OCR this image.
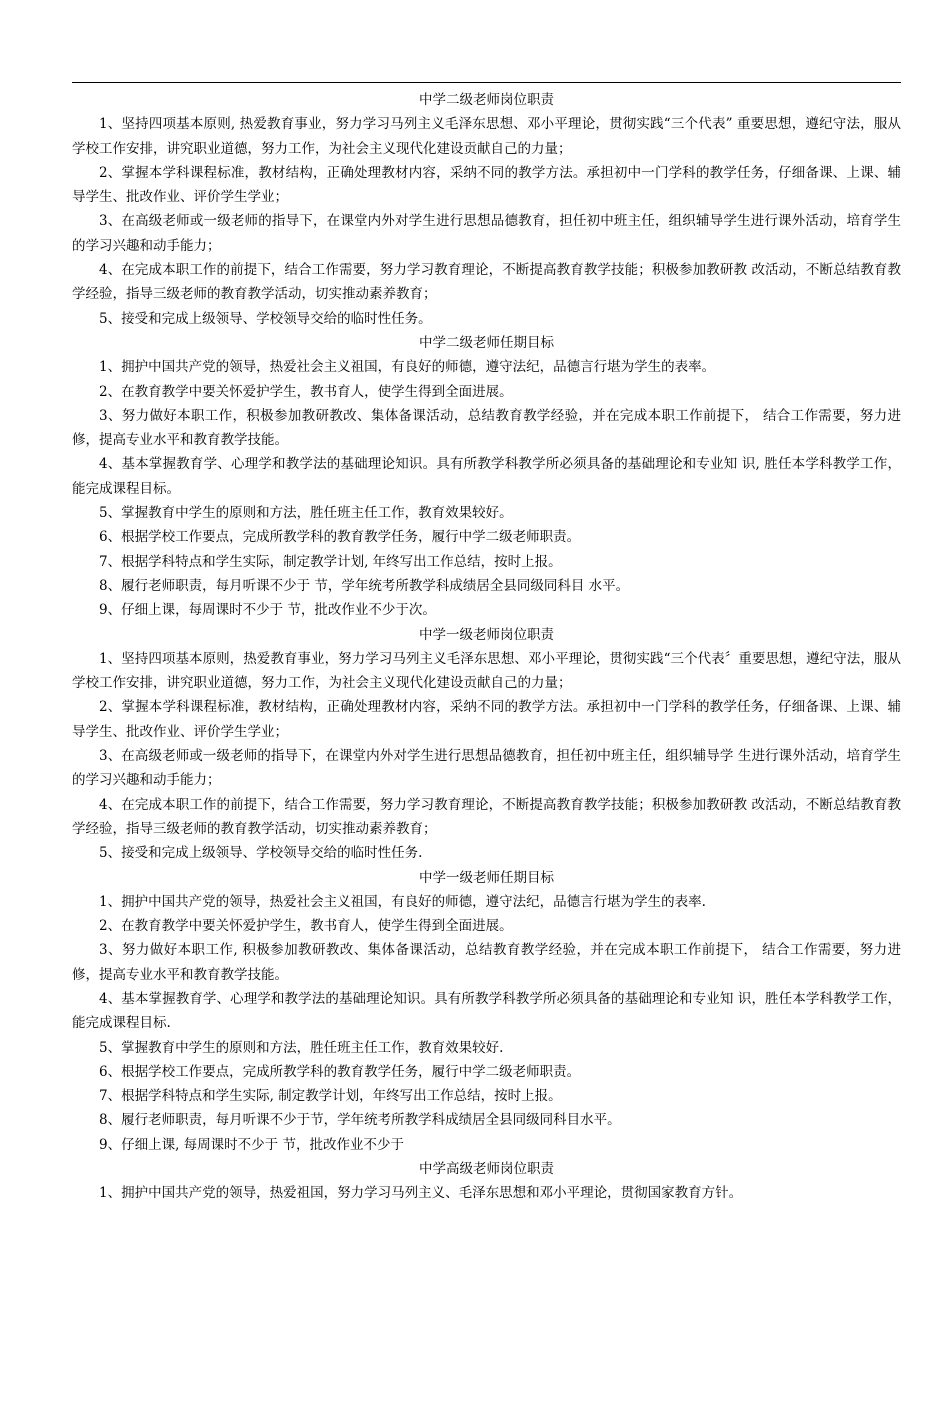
中学二级老师岗位职责

1、坚持四项基本原则, 热爱教育事业，努力学习马列主义毛泽东思想、邓小平理论，贯彻实践“三个代表” 重要思想，遵纪守法，服从学校工作安排，讲究职业道德，努力工作，为社会主义现代化建设贡献自己的力量；

2、掌握本学科课程标准，教材结构，正确处理教材内容，采纳不同的教学方法。承担初中一门学科的教学任务，仔细备课、上课、辅导学生、批改作业、评价学生学业；

3、在高级老师或一级老师的指导下，在课堂内外对学生进行思想品德教育，担任初中班主任，组织辅导学生进行课外活动，培育学生的学习兴趣和动手能力；

4、在完成本职工作的前提下，结合工作需要，努力学习教育理论，不断提高教育教学技能；积极参加教研教 改活动，不断总结教育教学经验，指导三级老师的教育教学活动，切实推动素养教育；

5、接受和完成上级领导、学校领导交给的临时性任务。

中学二级老师任期目标

1、拥护中国共产党的领导，热爱社会主义祖国，有良好的师德，遵守法纪，品德言行堪为学生的表率。

2、在教育教学中要关怀爱护学生，教书育人，使学生得到全面进展。

3、努力做好本职工作，积极参加教研教改、集体备课活动，总结教育教学经验，并在完成本职工作前提下， 结合工作需要，努力进修，提高专业水平和教育教学技能。

4、基本掌握教育学、心理学和教学法的基础理论知识。具有所教学科教学所必须具备的基础理论和专业知 识, 胜任本学科教学工作，能完成课程目标。

5、掌握教育中学生的原则和方法，胜任班主任工作，教育效果较好。

6、根据学校工作要点，完成所教学科的教育教学任务，履行中学二级老师职责。

7、根据学科特点和学生实际，制定教学计划, 年终写出工作总结，按时上报。

8、履行老师职责，每月听课不少于 节，学年统考所教学科成绩居全县同级同科目 水平。

9、仔细上课，每周课时不少于 节，批改作业不少于次。

中学一级老师岗位职责

1、坚持四项基本原则，热爱教育事业，努力学习马列主义毛泽东思想、邓小平理论，贯彻实践“三个代表〞重要思想，遵纪守法，服从学校工作安排，讲究职业道德，努力工作，为社会主义现代化建设贡献自己的力量；

2、掌握本学科课程标准，教材结构，正确处理教材内容，采纳不同的教学方法。承担初中一门学科的教学任务，仔细备课、上课、辅导学生、批改作业、评价学生学业；

3、在高级老师或一级老师的指导下，在课堂内外对学生进行思想品德教育，担任初中班主任，组织辅导学 生进行课外活动，培育学生的学习兴趣和动手能力；

4、在完成本职工作的前提下，结合工作需要，努力学习教育理论，不断提高教育教学技能；积极参加教研教 改活动，不断总结教育教学经验，指导三级老师的教育教学活动，切实推动素养教育；

5、接受和完成上级领导、学校领导交给的临时性任务.

中学一级老师任期目标

1、拥护中国共产党的领导，热爱社会主义祖国，有良好的师德，遵守法纪，品德言行堪为学生的表率.

2、在教育教学中要关怀爱护学生，教书育人，使学生得到全面进展。

3、努力做好本职工作, 积极参加教研教改、集体备课活动，总结教育教学经验，并在完成本职工作前提下， 结合工作需要，努力进修，提高专业水平和教育教学技能。

4、基本掌握教育学、心理学和教学法的基础理论知识。具有所教学科教学所必须具备的基础理论和专业知 识，胜任本学科教学工作，能完成课程目标.

5、掌握教育中学生的原则和方法，胜任班主任工作，教育效果较好.

6、根据学校工作要点，完成所教学科的教育教学任务，履行中学二级老师职责。

7、根据学科特点和学生实际, 制定教学计划，年终写出工作总结，按时上报。

8、履行老师职责，每月听课不少于节，学年统考所教学科成绩居全县同级同科目水平。

9、仔细上课, 每周课时不少于 节，批改作业不少于

中学高级老师岗位职责

1、拥护中国共产党的领导，热爱祖国，努力学习马列主义、毛泽东思想和邓小平理论，贯彻国家教育方针。
